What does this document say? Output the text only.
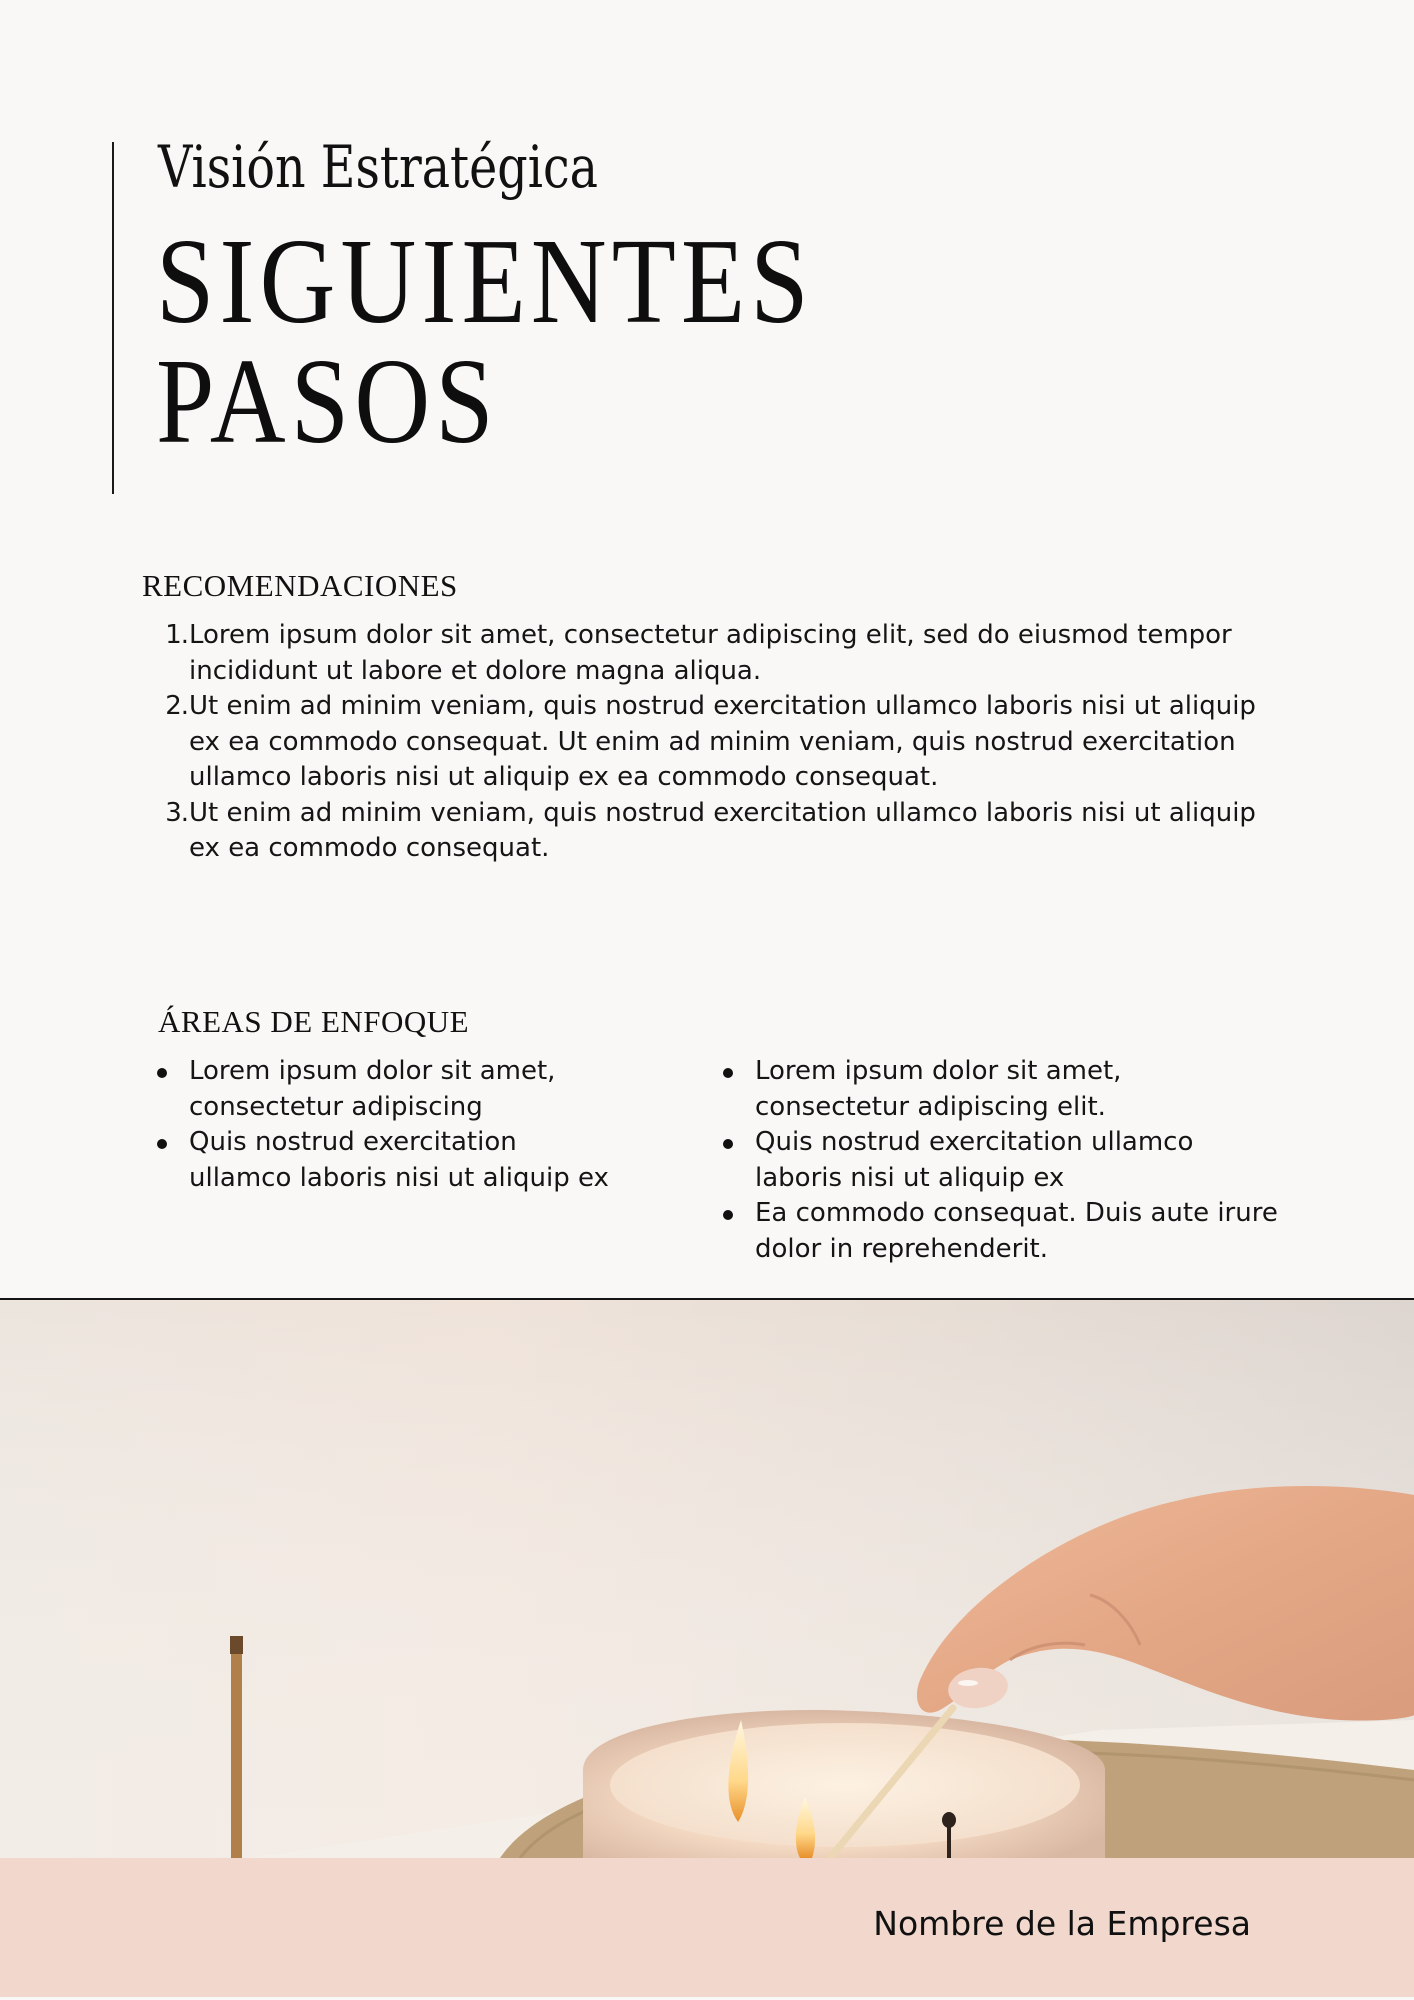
Visión Estratégica
SIGUIENTES
PASOS
RECOMENDACIONES
1. Lorem ipsum dolor sit amet, consectetur adipiscing elit, sed do eiusmod tempor incididunt ut labore et dolore magna aliqua.
2. Ut enim ad minim veniam, quis nostrud exercitation ullamco laboris nisi ut aliquip ex ea commodo consequat. Ut enim ad minim veniam, quis nostrud exercitation ullamco laboris nisi ut aliquip ex ea commodo consequat.
3. Ut enim ad minim veniam, quis nostrud exercitation ullamco laboris nisi ut aliquip ex ea commodo consequat.
ÁREAS DE ENFOQUE
Lorem ipsum dolor sit amet, consectetur adipiscing
Quis nostrud exercitation ullamco laboris nisi ut aliquip ex
Lorem ipsum dolor sit amet, consectetur adipiscing elit.
Quis nostrud exercitation ullamco laboris nisi ut aliquip ex
Ea commodo consequat. Duis aute irure dolor in reprehenderit.
Nombre de la Empresa
